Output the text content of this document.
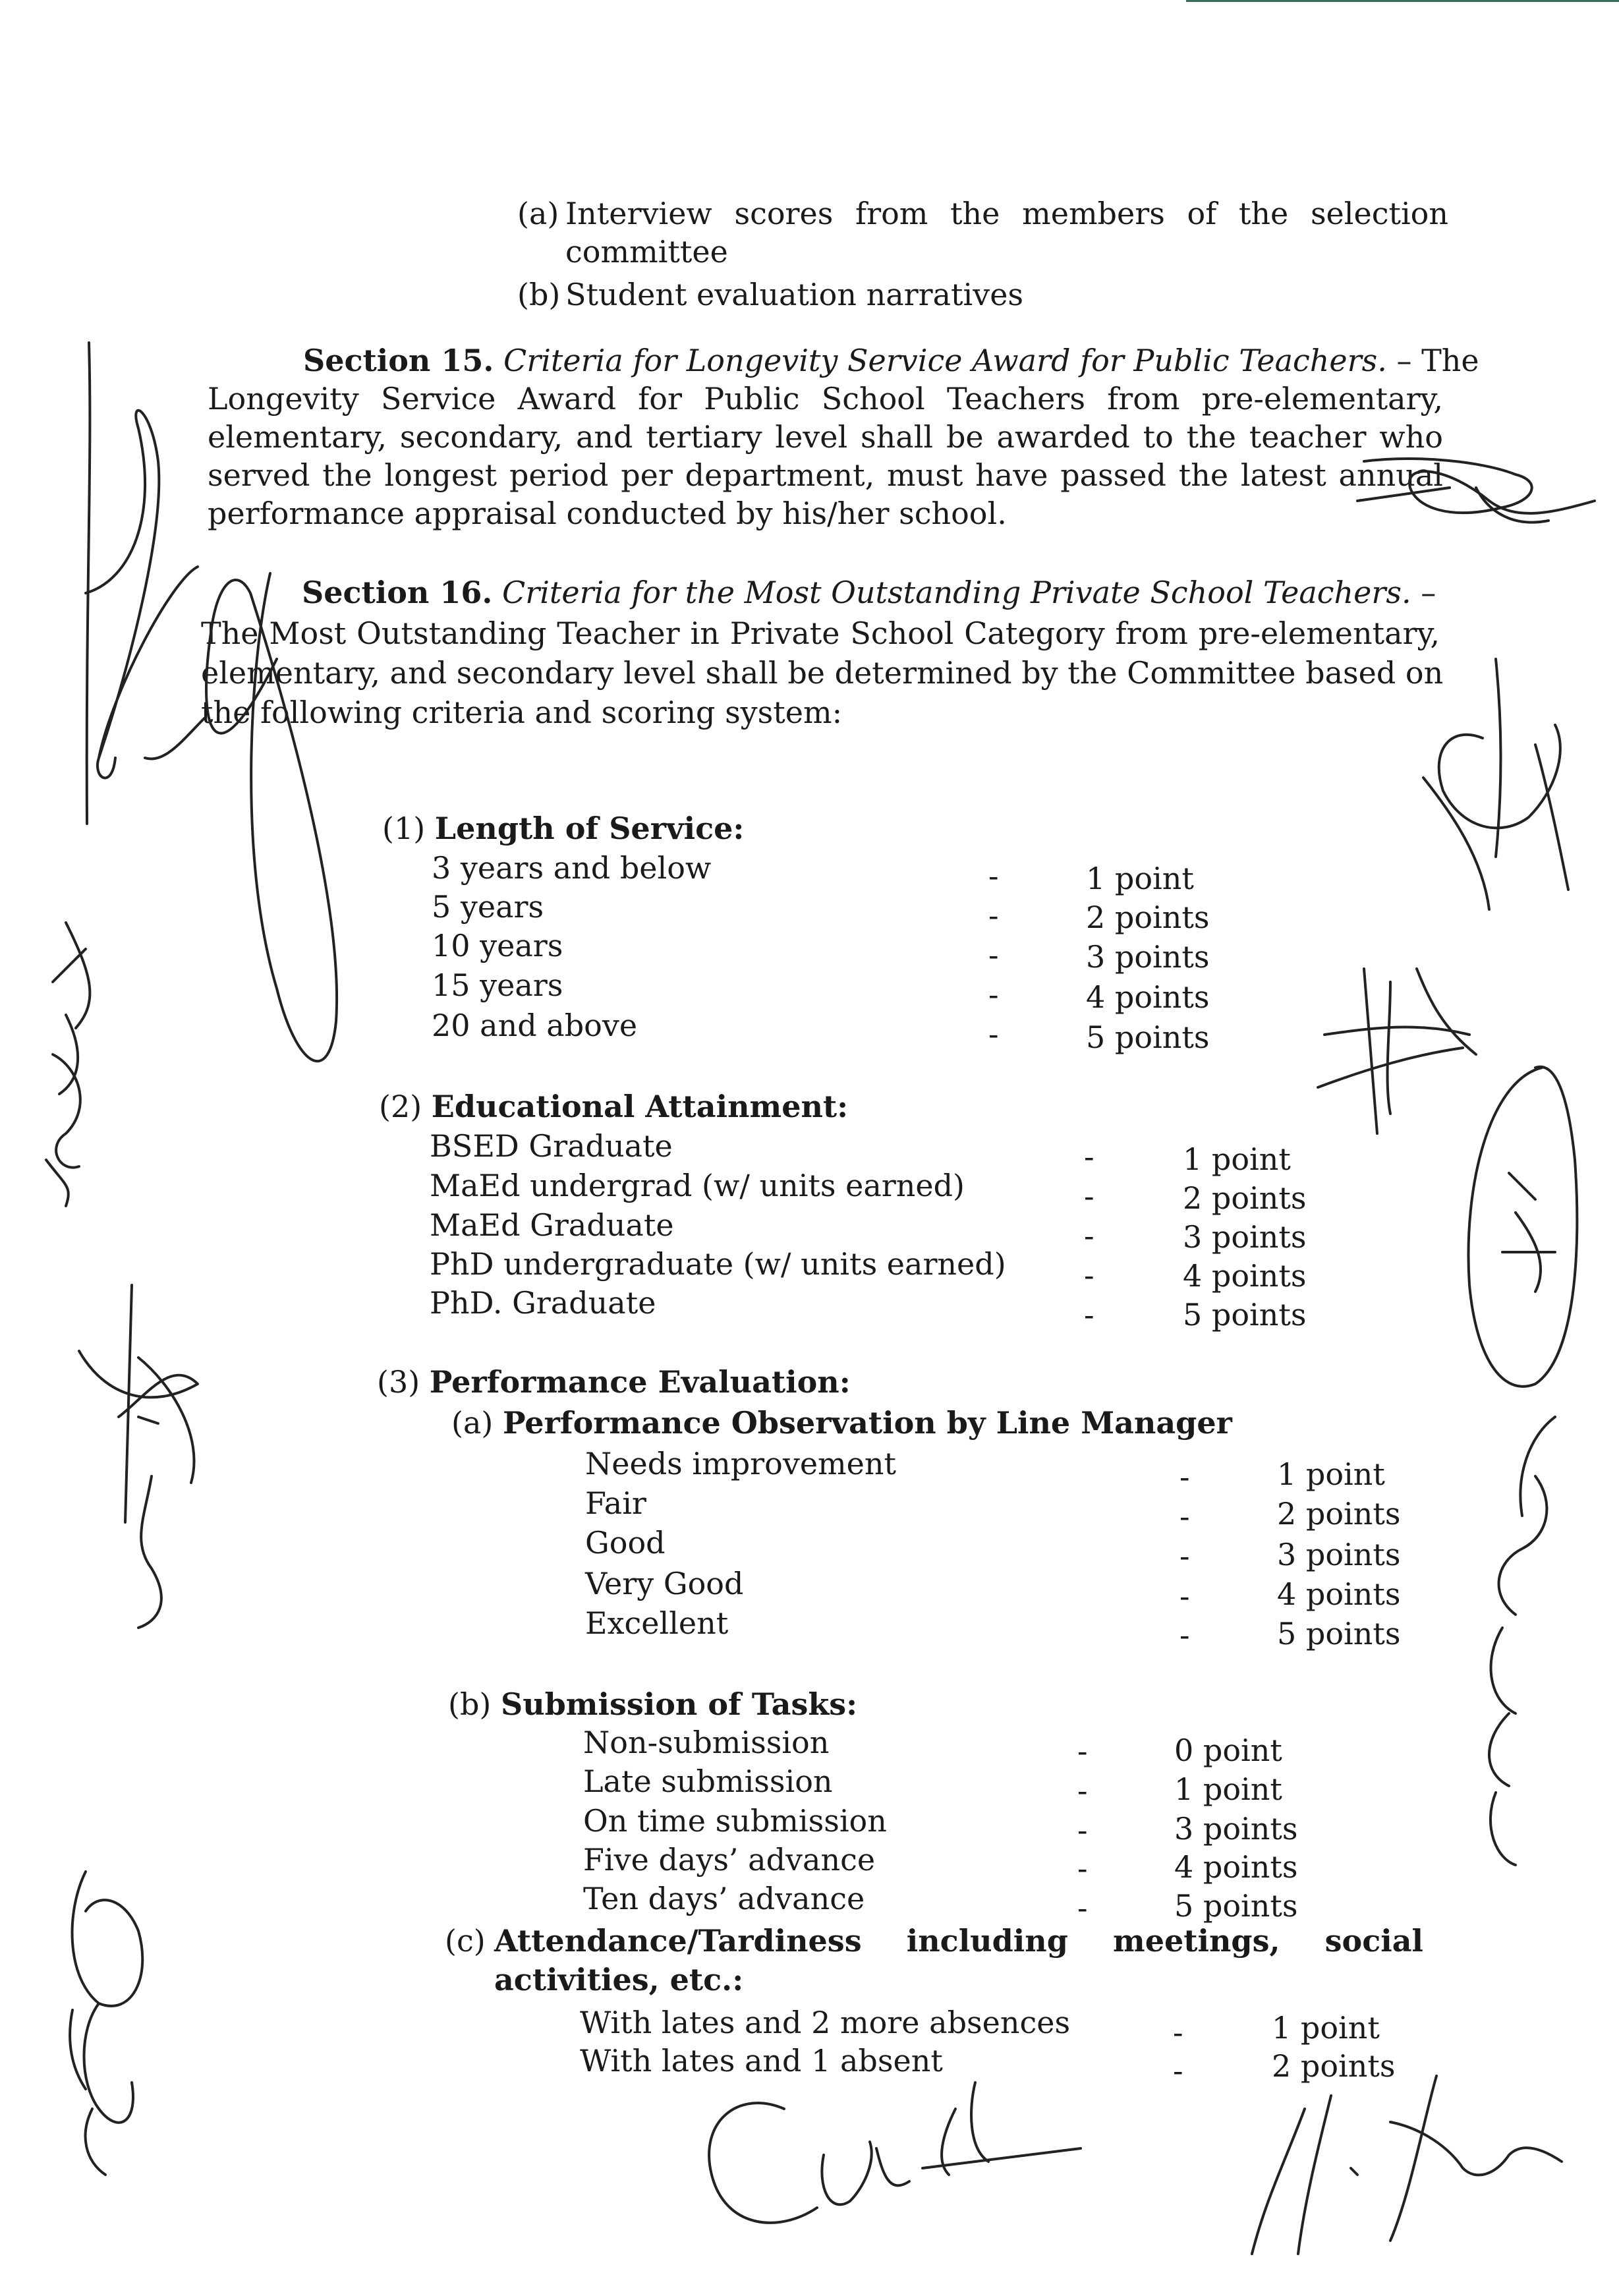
(a) Interview scores from the members of the selection
committee
(b) Student evaluation narratives
Section 15. Criteria for Longevity Service Award for Public Teachers. – The
Longevity Service Award for Public School Teachers from pre-elementary,
elementary, secondary, and tertiary level shall be awarded to the teacher who
served the longest period per department, must have passed the latest annual
performance appraisal conducted by his/her school.
Section 16. Criteria for the Most Outstanding Private School Teachers. –
The Most Outstanding Teacher in Private School Category from pre-elementary,
elementary, and secondary level shall be determined by the Committee based on
the following criteria and scoring system:
(1) Length of Service:
3 years and below	-	1 point
5 years	-	2 points
10 years	-	3 points
15 years	-	4 points
20 and above	-	5 points
(2) Educational Attainment:
BSED Graduate	-	1 point
MaEd undergrad (w/ units earned)	-	2 points
MaEd Graduate	-	3 points
PhD undergraduate (w/ units earned)	-	4 points
PhD. Graduate	-	5 points
(3) Performance Evaluation:
(a) Performance Observation by Line Manager
Needs improvement	-	1 point
Fair	-	2 points
Good	-	3 points
Very Good	-	4 points
Excellent	-	5 points
(b) Submission of Tasks:
Non-submission	-	0 point
Late submission	-	1 point
On time submission	-	3 points
Five days’ advance	-	4 points
Ten days’ advance	-	5 points
(c) Attendance/Tardiness including meetings, social
activities, etc.:
With lates and 2 more absences	-	1 point
With lates and 1 absent	-	2 points
